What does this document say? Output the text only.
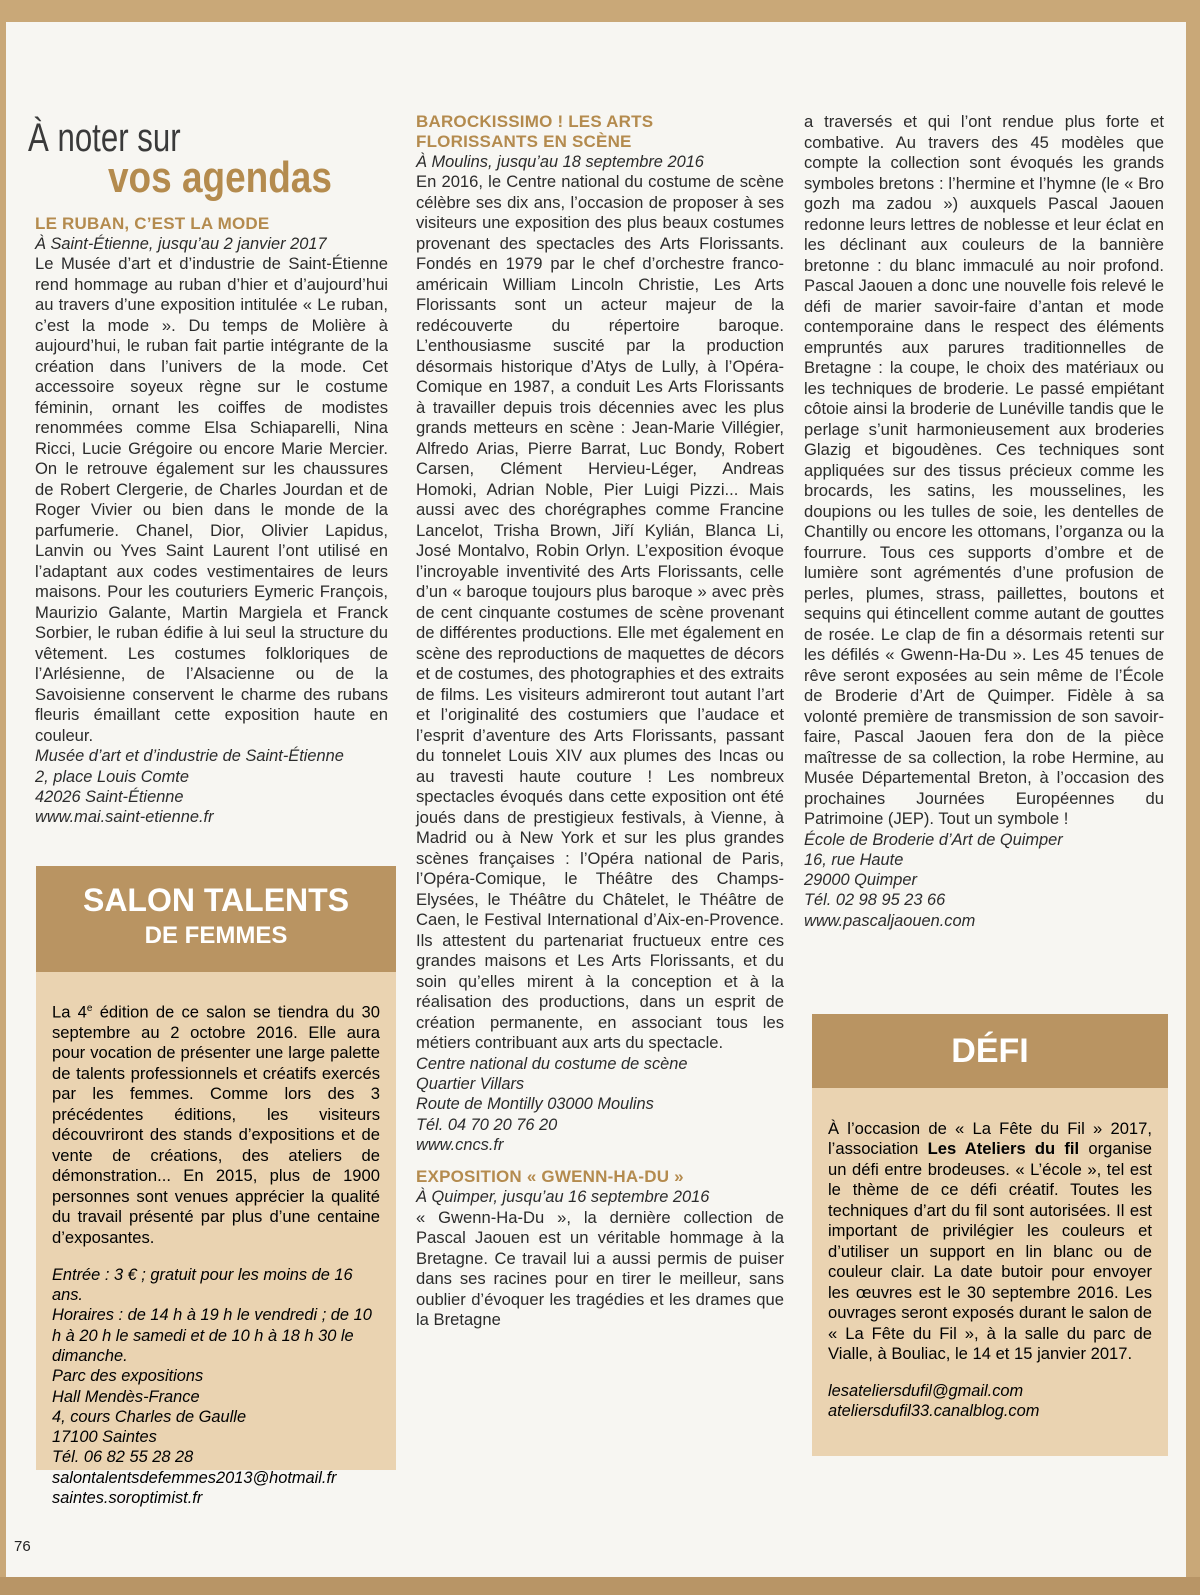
À noter sur
vos agendas

LE RUBAN, C’EST LA MODE

À Saint-Étienne, jusqu’au 2 janvier 2017

Le Musée d’art et d’industrie de Saint-Étienne rend hommage au ruban d’hier et d’aujourd’hui au travers d’une exposition intitulée « Le ruban, c’est la mode ». Du temps de Molière à aujourd’hui, le ruban fait partie intégrante de la création dans l’univers de la mode. Cet accessoire soyeux règne sur le costume féminin, ornant les coiffes de modistes renommées comme Elsa Schiaparelli, Nina Ricci, Lucie Grégoire ou encore Marie Mercier. On le retrouve également sur les chaussures de Robert Clergerie, de Charles Jourdan et de Roger Vivier ou bien dans le monde de la parfumerie. Chanel, Dior, Olivier Lapidus, Lanvin ou Yves Saint Laurent l’ont utilisé en l’adaptant aux codes vestimentaires de leurs maisons. Pour les couturiers Eymeric François, Maurizio Galante, Martin Margiela et Franck Sorbier, le ruban édifie à lui seul la structure du vêtement. Les costumes folkloriques de l’Arlésienne, de l’Alsacienne ou de la Savoisienne conservent le charme des rubans fleuris émaillant cette exposition haute en couleur.

Musée d’art et d’industrie de Saint-Étienne

2, place Louis Comte

42026 Saint-Étienne

www.mai.saint-etienne.fr

SALON TALENTS
DE FEMMES

La 4e édition de ce salon se tiendra du 30 septembre au 2 octobre 2016. Elle aura pour vocation de présenter une large palette de talents professionnels et créatifs exercés par les femmes. Comme lors des 3 précédentes éditions, les visiteurs découvriront des stands d’expositions et de vente de créations, des ateliers de démonstration... En 2015, plus de 1900 personnes sont venues apprécier la qualité du travail présenté par plus d’une centaine d’exposantes.

Entrée : 3 € ; gratuit pour les moins de 16 ans.

Horaires : de 14 h à 19 h le vendredi ; de 10 h à 20 h le samedi et de 10 h à 18 h 30 le dimanche.

Parc des expositions

Hall Mendès-France

4, cours Charles de Gaulle

17100 Saintes

Tél. 06 82 55 28 28

salontalentsdefemmes2013@hotmail.fr

saintes.soroptimist.fr

BAROCKISSIMO ! LES ARTS
FLORISSANTS EN SCÈNE

À Moulins, jusqu’au 18 septembre 2016

En 2016, le Centre national du costume de scène célèbre ses dix ans, l’occasion de proposer à ses visiteurs une exposition des plus beaux costumes provenant des spectacles des Arts Florissants. Fondés en 1979 par le chef d’orchestre franco-américain William Lincoln Christie, Les Arts Florissants sont un acteur majeur de la redécouverte du répertoire baroque. L’enthousiasme suscité par la production désormais historique d’Atys de Lully, à l’Opéra-Comique en 1987, a conduit Les Arts Florissants à travailler depuis trois décennies avec les plus grands metteurs en scène : Jean-Marie Villégier, Alfredo Arias, Pierre Barrat, Luc Bondy, Robert Carsen, Clément Hervieu-Léger, Andreas Homoki, Adrian Noble, Pier Luigi Pizzi... Mais aussi avec des chorégraphes comme Francine Lancelot, Trisha Brown, Jiří Kylián, Blanca Li, José Montalvo, Robin Orlyn. L’exposition évoque l’incroyable inventivité des Arts Florissants, celle d’un « baroque toujours plus baroque » avec près de cent cinquante costumes de scène provenant de différentes productions. Elle met également en scène des reproductions de maquettes de décors et de costumes, des photographies et des extraits de films. Les visiteurs admireront tout autant l’art et l’originalité des costumiers que l’audace et l’esprit d’aventure des Arts Florissants, passant du tonnelet Louis XIV aux plumes des Incas ou au travesti haute couture ! Les nombreux spectacles évoqués dans cette exposition ont été joués dans de prestigieux festivals, à Vienne, à Madrid ou à New York et sur les plus grandes scènes françaises : l’Opéra national de Paris, l’Opéra-Comique, le Théâtre des Champs- Elysées, le Théâtre du Châtelet, le Théâtre de Caen, le Festival International d’Aix-en-Provence. Ils attestent du partenariat fructueux entre ces grandes maisons et Les Arts Florissants, et du soin qu’elles mirent à la conception et à la réalisation des productions, dans un esprit de création permanente, en associant tous les métiers contribuant aux arts du spectacle.

Centre national du costume de scène

Quartier Villars

Route de Montilly 03000 Moulins

Tél. 04 70 20 76 20

www.cncs.fr

EXPOSITION « GWENN-HA-DU »

À Quimper, jusqu’au 16 septembre 2016

« Gwenn-Ha-Du », la dernière collection de Pascal Jaouen est un véritable hommage à la Bretagne. Ce travail lui a aussi permis de puiser dans ses racines pour en tirer le meilleur, sans oublier d’évoquer les tragédies et les drames que la Bretagne

a traversés et qui l’ont rendue plus forte et combative. Au travers des 45 modèles que compte la collection sont évoqués les grands symboles bretons : l’hermine et l’hymne (le « Bro gozh ma zadou ») auxquels Pascal Jaouen redonne leurs lettres de noblesse et leur éclat en les déclinant aux couleurs de la bannière bretonne : du blanc immaculé au noir profond. Pascal Jaouen a donc une nouvelle fois relevé le défi de marier savoir-faire d’antan et mode contemporaine dans le respect des éléments empruntés aux parures traditionnelles de Bretagne : la coupe, le choix des matériaux ou les techniques de broderie. Le passé empiétant côtoie ainsi la broderie de Lunéville tandis que le perlage s’unit harmonieusement aux broderies Glazig et bigoudènes. Ces techniques sont appliquées sur des tissus précieux comme les brocards, les satins, les mousselines, les doupions ou les tulles de soie, les dentelles de Chantilly ou encore les ottomans, l’organza ou la fourrure. Tous ces supports d’ombre et de lumière sont agrémentés d’une profusion de perles, plumes, strass, paillettes, boutons et sequins qui étincellent comme autant de gouttes de rosée. Le clap de fin a désormais retenti sur les défilés « Gwenn-Ha-Du ». Les 45 tenues de rêve seront exposées au sein même de l’École de Broderie d’Art de Quimper. Fidèle à sa volonté première de transmission de son savoir-faire, Pascal Jaouen fera don de la pièce maîtresse de sa collection, la robe Hermine, au Musée Départemental Breton, à l’occasion des prochaines Journées Européennes du Patrimoine (JEP). Tout un symbole !

École de Broderie d’Art de Quimper

16, rue Haute

29000 Quimper

Tél. 02 98 95 23 66

www.pascaljaouen.com

DÉFI

À l’occasion de « La Fête du Fil » 2017, l’association Les Ateliers du fil organise un défi entre brodeuses. « L’école », tel est le thème de ce défi créatif. Toutes les techniques d’art du fil sont autorisées. Il est important de privilégier les couleurs et d’utiliser un support en lin blanc ou de couleur clair. La date butoir pour envoyer les œuvres est le 30 septembre 2016. Les ouvrages seront exposés durant le salon de « La Fête du Fil », à la salle du parc de Vialle, à Bouliac, le 14 et 15 janvier 2017.

lesateliersdufil@gmail.com

ateliersdufil33.canalblog.com

76
